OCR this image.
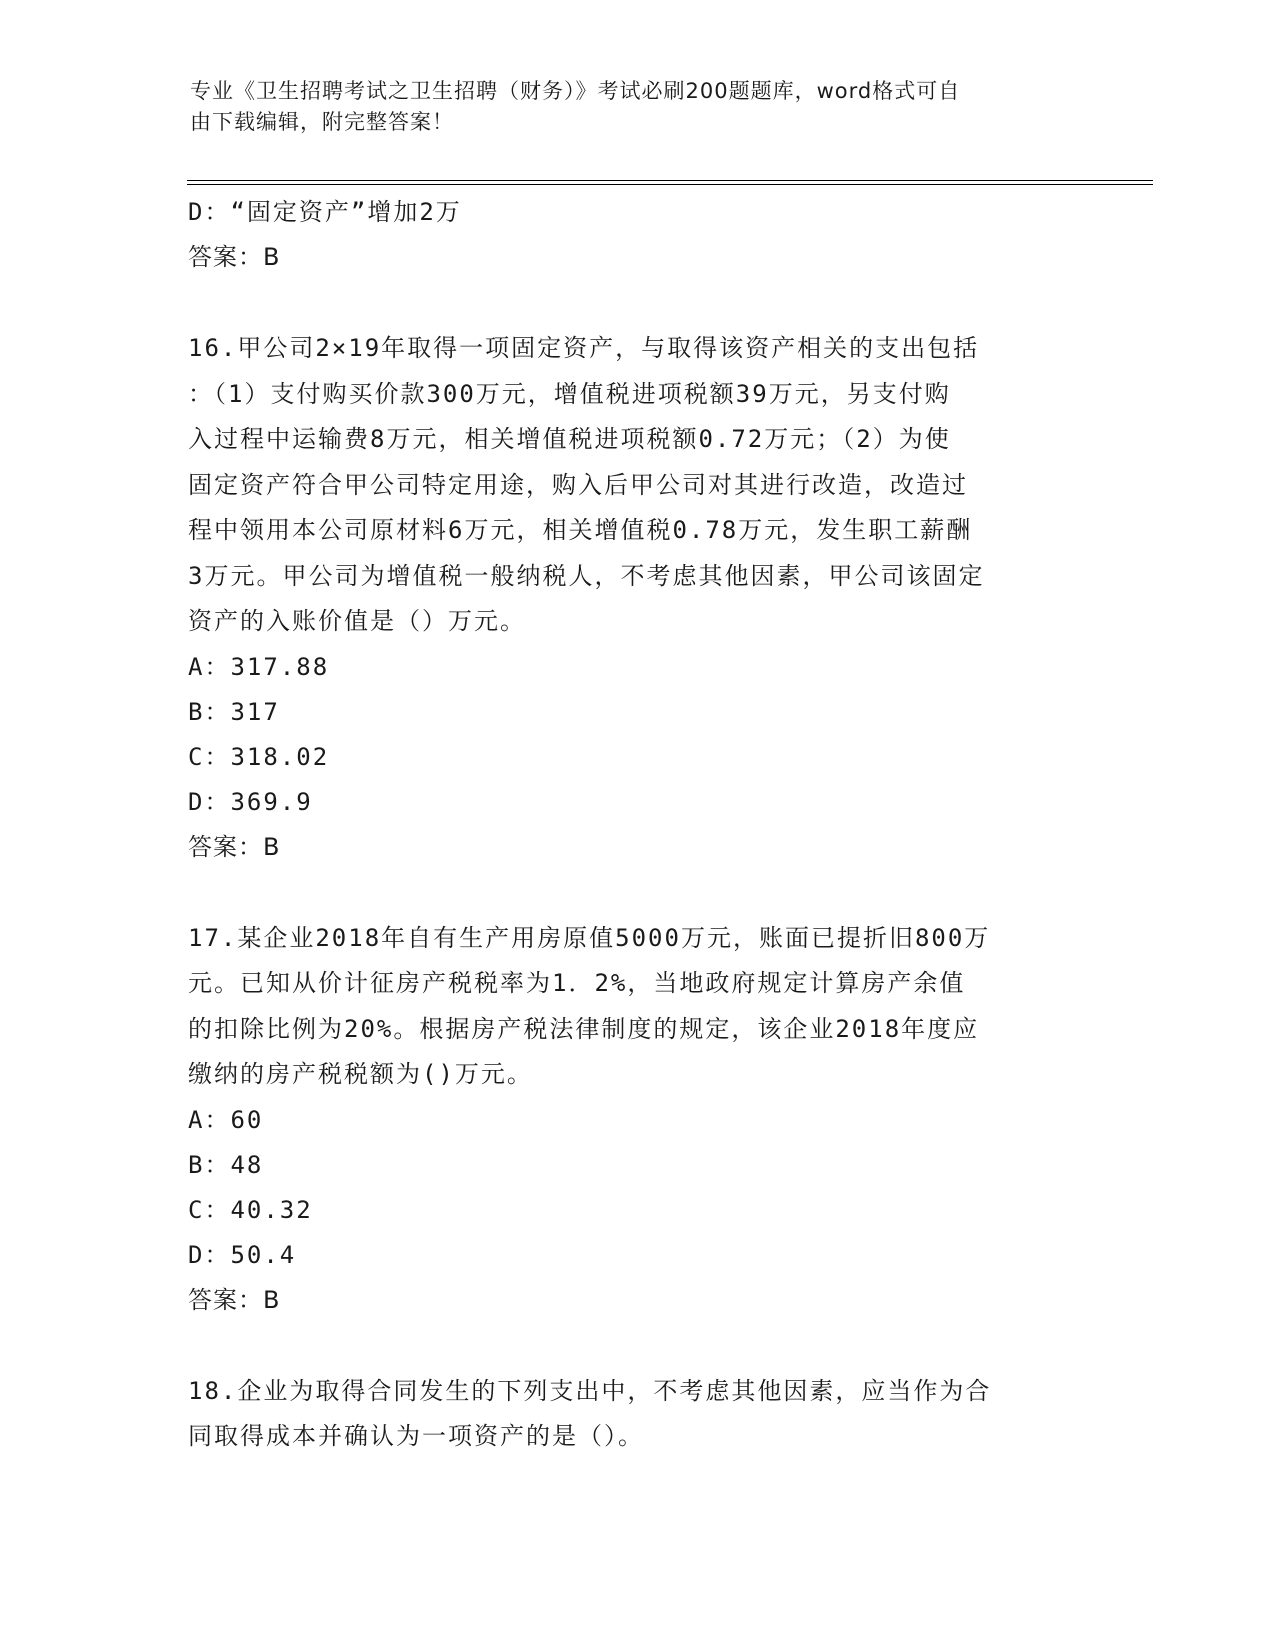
专业《卫生招聘考试之卫生招聘（财务）》考试必刷200题题库，word格式可自
由下载编辑，附完整答案！
D：“固定资产”增加2万
答案：B
16.甲公司2×19年取得一项固定资产，与取得该资产相关的支出包括
：（1）支付购买价款300万元，增值税进项税额39万元，另支付购
入过程中运输费8万元，相关增值税进项税额0.72万元；（2）为使
固定资产符合甲公司特定用途，购入后甲公司对其进行改造，改造过
程中领用本公司原材料6万元，相关增值税0.78万元，发生职工薪酬
3万元。甲公司为增值税一般纳税人，不考虑其他因素，甲公司该固定
资产的入账价值是（）万元。
A：317.88
B：317
C：318.02
D：369.9
答案：B
17.某企业2018年自有生产用房原值5000万元，账面已提折旧800万
元。已知从价计征房产税税率为1．2%，当地政府规定计算房产余值
的扣除比例为20%。根据房产税法律制度的规定，该企业2018年度应
缴纳的房产税税额为()万元。
A：60
B：48
C：40.32
D：50.4
答案：B
18.企业为取得合同发生的下列支出中，不考虑其他因素，应当作为合
同取得成本并确认为一项资产的是（）。
